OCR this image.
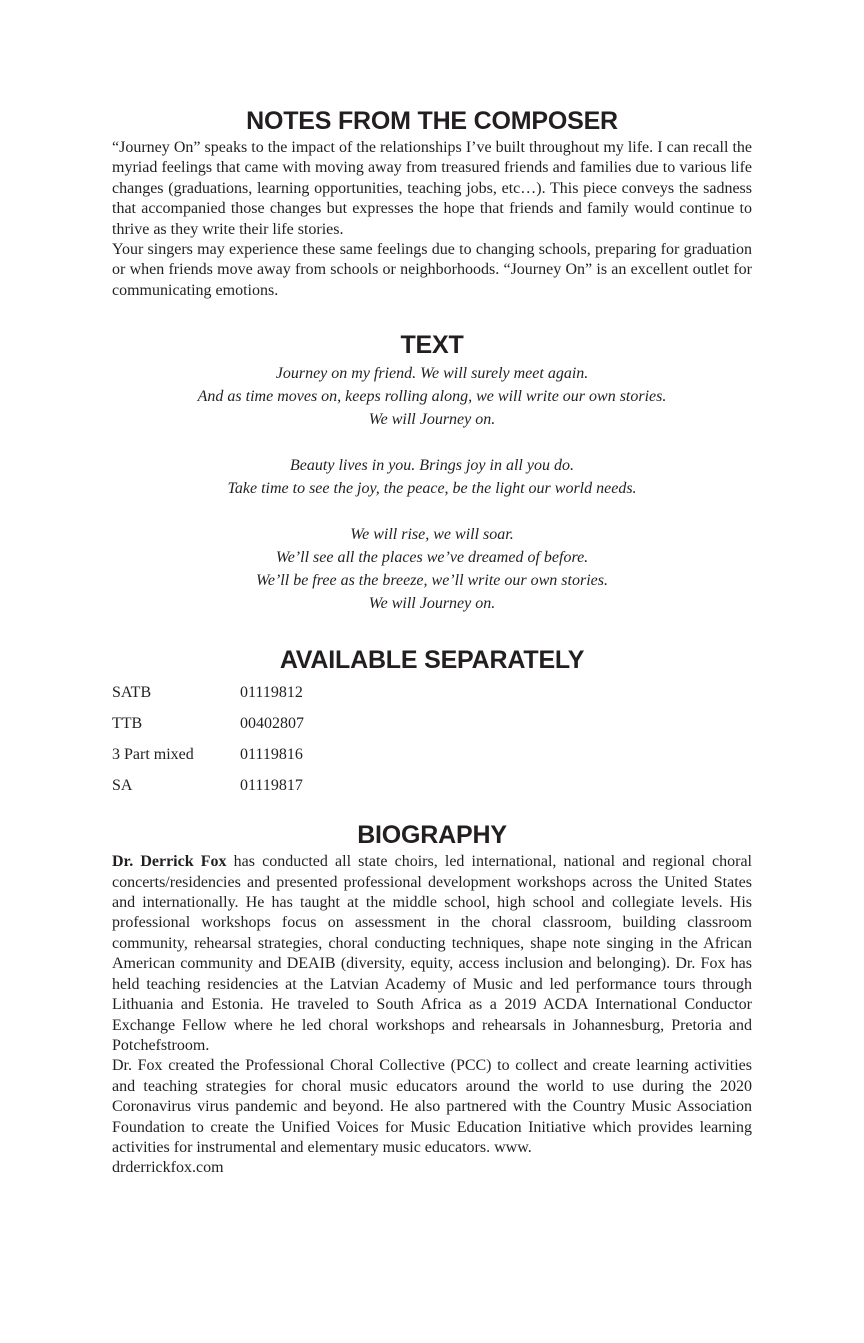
NOTES FROM THE COMPOSER

“Journey On” speaks to the impact of the relationships I’ve built throughout my life. I can recall the myriad feelings that came with moving away from treasured friends and families due to various life changes (graduations, learning opportunities, teaching jobs, etc…). This piece conveys the sadness that accompanied those changes but expresses the hope that friends and family would continue to thrive as they write their life stories.

Your singers may experience these same feelings due to changing schools, preparing for graduation or when friends move away from schools or neighborhoods. “Journey On” is an excellent outlet for communicating emotions.

TEXT
Journey on my friend. We will surely meet again.
And as time moves on, keeps rolling along, we will write our own stories.
We will Journey on.
Beauty lives in you. Brings joy in all you do.
Take time to see the joy, the peace, be the light our world needs.
We will rise, we will soar.
We’ll see all the places we’ve dreamed of before.
We’ll be free as the breeze, we’ll write our own stories.
We will Journey on.
AVAILABLE SEPARATELY
SATB	01119812
TTB	00402807
3 Part mixed	01119816
SA	01119817
BIOGRAPHY

Dr. Derrick Fox has conducted all state choirs, led international, national and regional choral concerts/residencies and presented professional development workshops across the United States and internationally. He has taught at the middle school, high school and collegiate levels. His professional workshops focus on assessment in the choral classroom, building classroom community, rehearsal strategies, choral conducting techniques, shape note singing in the African American community and DEAIB (diversity, equity, access inclusion and belonging). Dr. Fox has held teaching residencies at the Latvian Academy of Music and led performance tours through Lithuania and Estonia. He traveled to South Africa as a 2019 ACDA International Conductor Exchange Fellow where he led choral workshops and rehearsals in Johannesburg, Pretoria and Potchefstroom.

Dr. Fox created the Professional Choral Collective (PCC) to collect and create learning activities and teaching strategies for choral music educators around the world to use during the 2020 Coronavirus virus pandemic and beyond. He also partnered with the Country Music Association Foundation to create the Unified Voices for Music Education Initiative which provides learning activities for instrumental and elementary music educators. www.
drderrickfox.com
